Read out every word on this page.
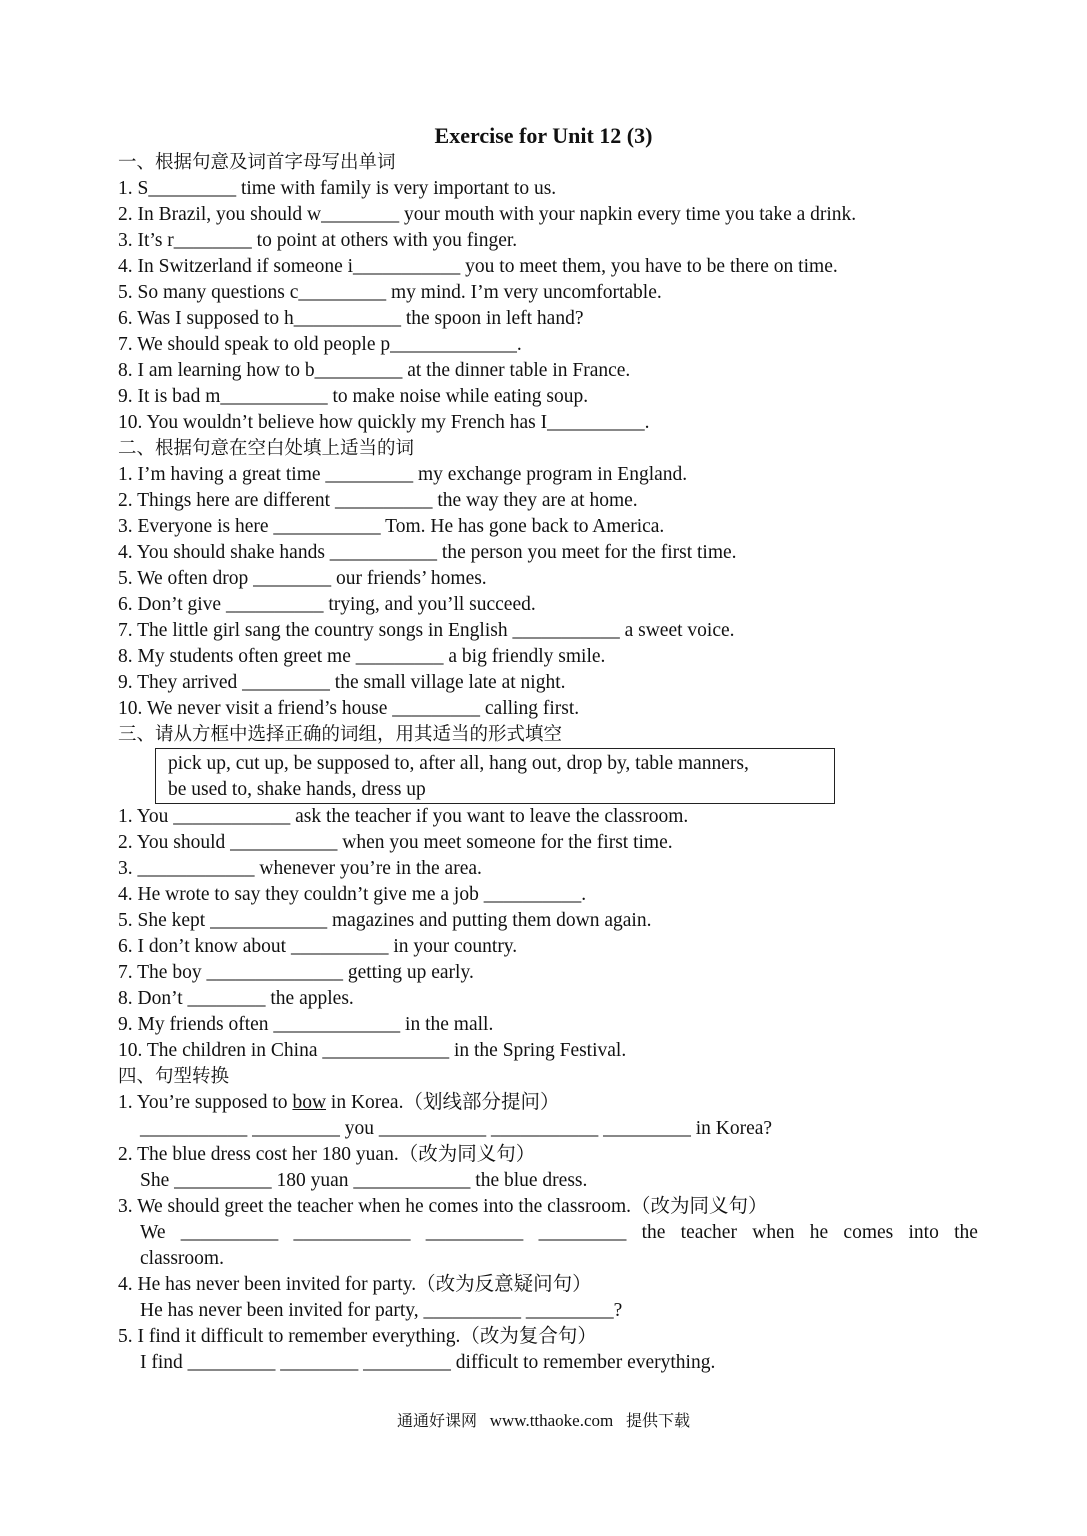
Exercise for Unit 12 (3)
一、根据句意及词首字母写出单词
1. S_________ time with family is very important to us.
2. In Brazil, you should w________ your mouth with your napkin every time you take a drink.
3. It’s r________ to point at others with you finger.
4. In Switzerland if someone i___________ you to meet them, you have to be there on time.
5. So many questions c_________ my mind. I’m very uncomfortable.
6. Was I supposed to h___________ the spoon in left hand?
7. We should speak to old people p_____________.
8. I am learning how to b_________ at the dinner table in France.
9. It is bad m___________ to make noise while eating soup.
10. You wouldn’t believe how quickly my French has I__________.
二、根据句意在空白处填上适当的词
1. I’m having a great time _________ my exchange program in England.
2. Things here are different __________ the way they are at home.
3. Everyone is here ___________ Tom. He has gone back to America.
4. You should shake hands ___________ the person you meet for the first time.
5. We often drop ________ our friends’ homes.
6. Don’t give __________ trying, and you’ll succeed.
7. The little girl sang the country songs in English ___________ a sweet voice.
8. My students often greet me _________ a big friendly smile.
9. They arrived _________ the small village late at night.
10. We never visit a friend’s house _________ calling first.
三、请从方框中选择正确的词组，用其适当的形式填空
pick up, cut up, be supposed to, after all, hang out, drop by, table manners,
be used to, shake hands, dress up
1. You ____________ ask the teacher if you want to leave the classroom.
2. You should ___________ when you meet someone for the first time.
3. ____________ whenever you’re in the area.
4. He wrote to say they couldn’t give me a job __________.
5. She kept ____________ magazines and putting them down again.
6. I don’t know about __________ in your country.
7. The boy ______________ getting up early.
8. Don’t ________ the apples.
9. My friends often _____________ in the mall.
10. The children in China _____________ in the Spring Festival.
四、句型转换
1. You’re supposed to bow in Korea.（划线部分提问）
___________ _________ you ___________ ___________ _________ in Korea?
2. The blue dress cost her 180 yuan.（改为同义句）
She __________ 180 yuan ____________ the blue dress.
3. We should greet the teacher when he comes into the classroom.（改为同义句）
We __________ ____________ __________ _________ the teacher when he comes into the
classroom.
4. He has never been invited for party.（改为反意疑问句）
He has never been invited for party, __________ _________?
5. I find it difficult to remember everything.（改为复合句）
I find _________ ________ _________ difficult to remember everything.
通通好课网 www.tthaoke.com 提供下载
